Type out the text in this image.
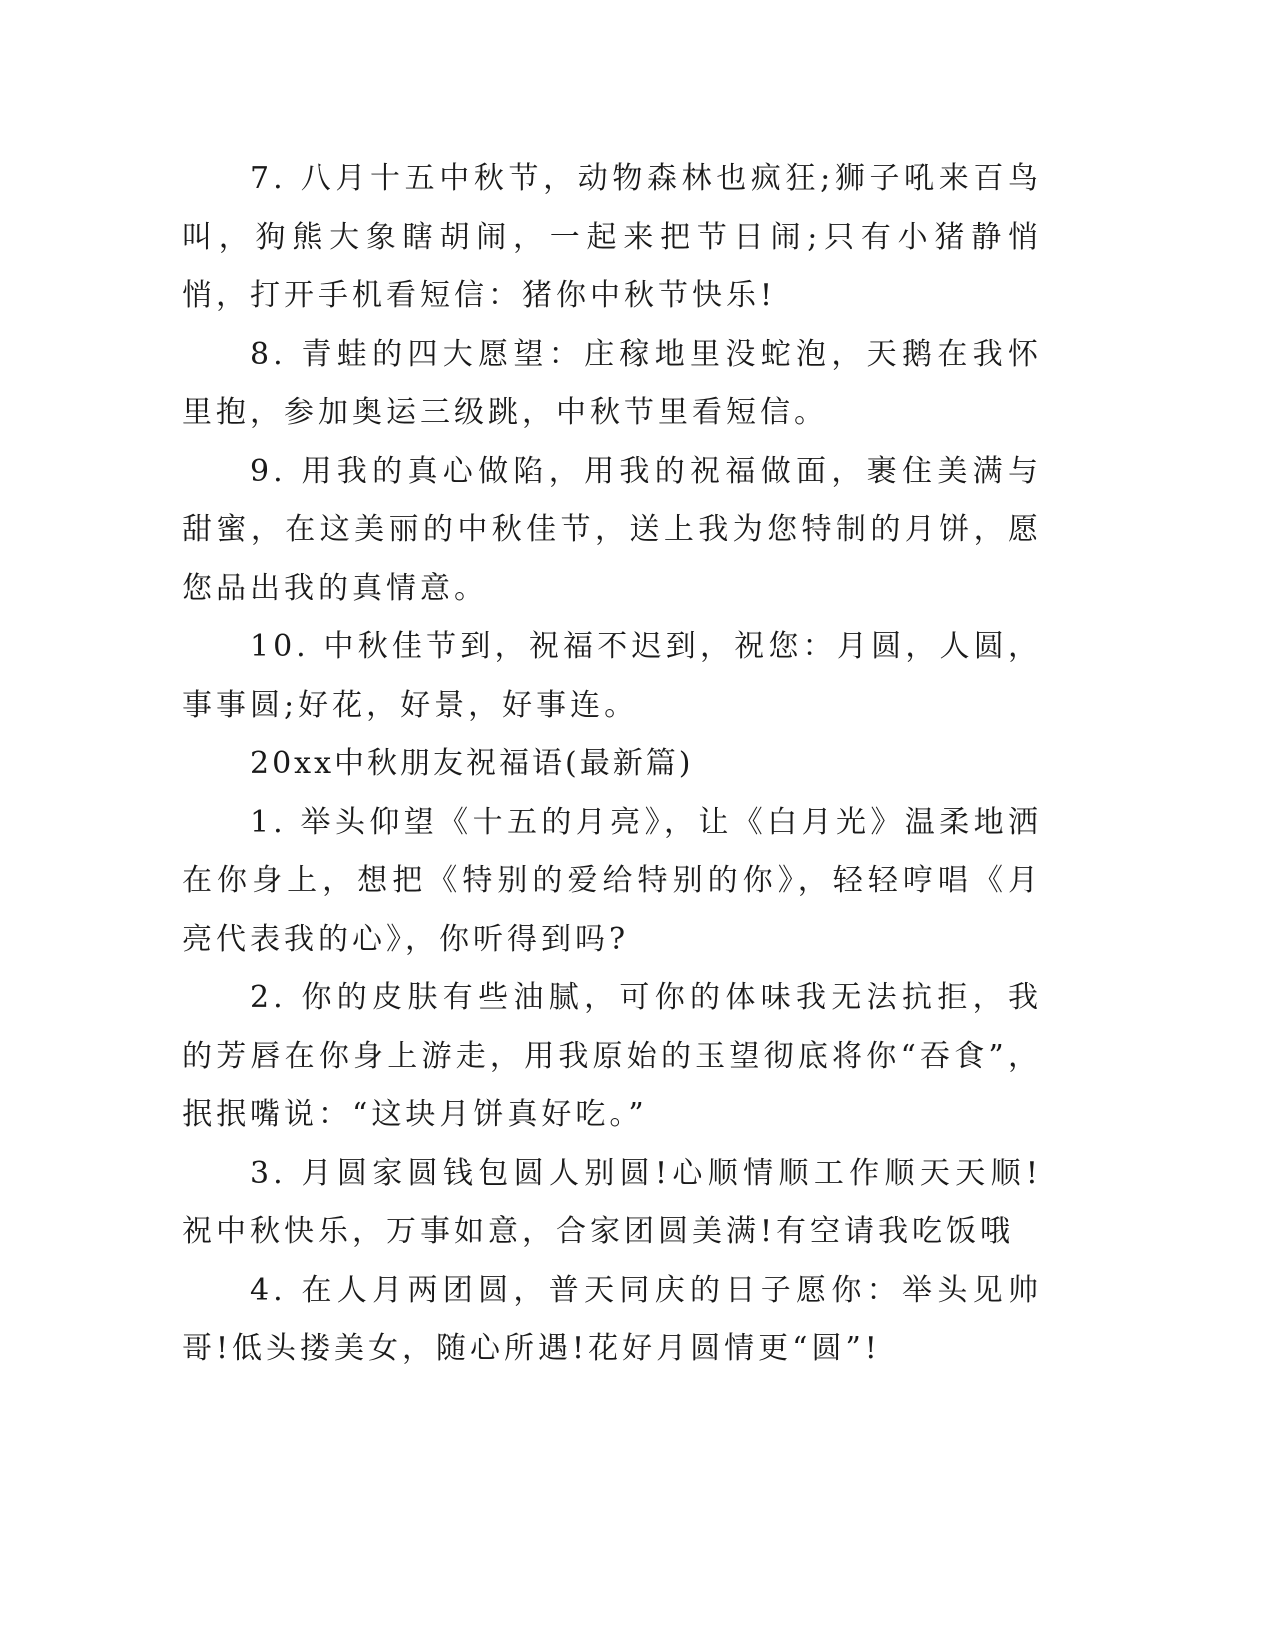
7. 八月十五中秋节，动物森林也疯狂;狮子吼来百鸟叫，狗熊大象瞎胡闹，一起来把节日闹;只有小猪静悄悄，打开手机看短信：猪你中秋节快乐!

8. 青蛙的四大愿望：庄稼地里没蛇泡，天鹅在我怀里抱，参加奥运三级跳，中秋节里看短信。

9. 用我的真心做陷，用我的祝福做面，裹住美满与甜蜜，在这美丽的中秋佳节，送上我为您特制的月饼，愿您品出我的真情意。

10. 中秋佳节到，祝福不迟到，祝您：月圆，人圆，事事圆;好花，好景，好事连。

20xx中秋朋友祝福语(最新篇)

1. 举头仰望《十五的月亮》，让《白月光》温柔地洒在你身上，想把《特别的爱给特别的你》，轻轻哼唱《月亮代表我的心》，你听得到吗?

2. 你的皮肤有些油腻，可你的体味我无法抗拒，我的芳唇在你身上游走，用我原始的玉望彻底将你“吞食”，抿抿嘴说：“这块月饼真好吃。”

3. 月圆家圆钱包圆人别圆!心顺情顺工作顺天天顺!祝中秋快乐，万事如意，合家团圆美满!有空请我吃饭哦

4. 在人月两团圆，普天同庆的日子愿你：举头见帅哥!低头搂美女，随心所遇!花好月圆情更“圆”!
